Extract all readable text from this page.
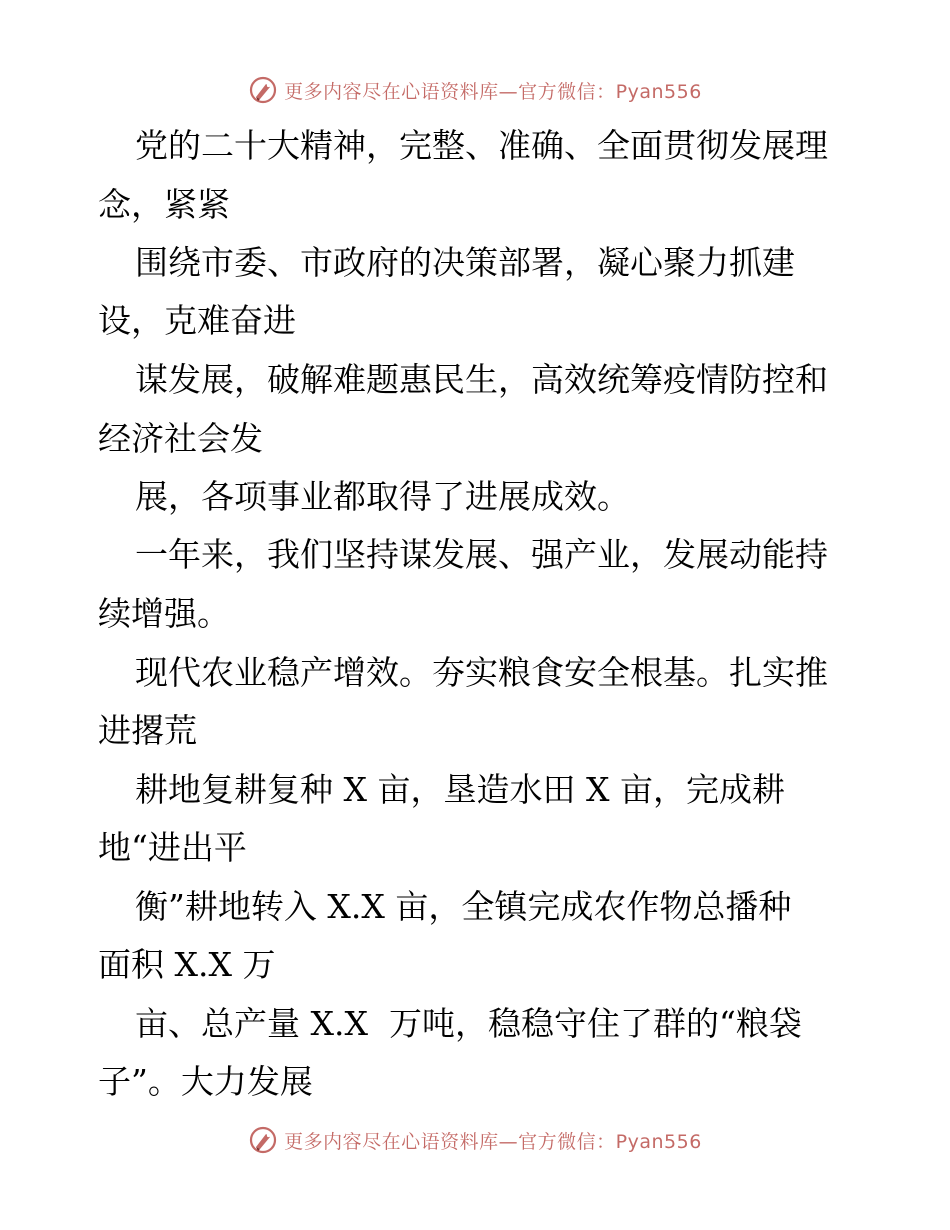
更多内容尽在心语资料库—官方微信：Pyan556
党的二十大精神，完整、准确、全面贯彻发展理
念，紧紧
围绕市委、市政府的决策部署，凝心聚力抓建
设，克难奋进
谋发展，破解难题惠民生，高效统筹疫情防控和
经济社会发
展，各项事业都取得了进展成效。
一年来，我们坚持谋发展、强产业，发展动能持
续增强。
现代农业稳产增效。夯实粮食安全根基。扎实推
进撂荒
耕地复耕复种 X 亩，垦造水田 X 亩，完成耕
地“进出平
衡”耕地转入 X.X 亩，全镇完成农作物总播种
面积 X.X 万
亩、总产量 X.X  万吨，稳稳守住了群的“粮袋
子”。大力发展
更多内容尽在心语资料库—官方微信：Pyan556
